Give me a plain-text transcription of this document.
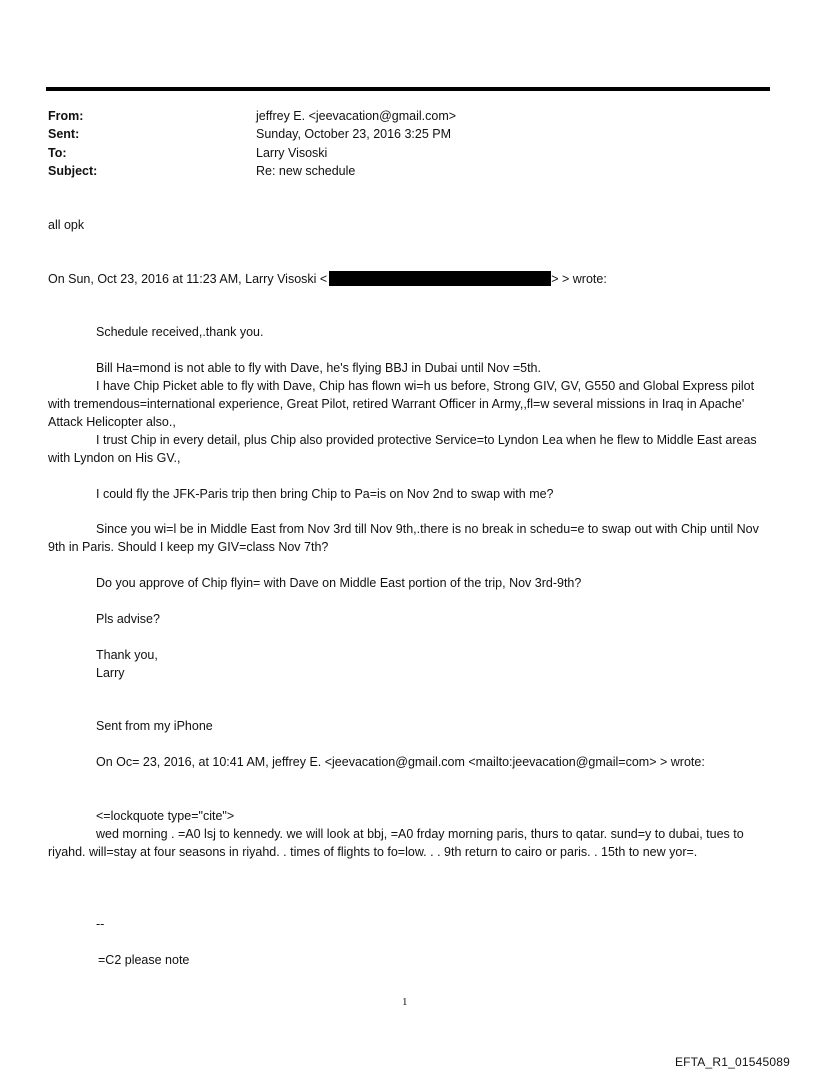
From:	jeffrey E. <jeevacation@gmail.com>
Sent:	Sunday, October 23, 2016 3:25 PM
To:	Larry Visoski
Subject:	Re: new schedule
all opk
On Sun, Oct 23, 2016 at 11:23 AM, Larry Visoski <	> > wrote:
Schedule received,.thank you.
Bill Ha=mond is not able to fly with Dave, he's flying BBJ in Dubai until Nov =5th.
I have Chip Picket able to fly with Dave, Chip has flown wi=h us before, Strong GIV, GV, G550 and Global Express pilot with tremendous=international experience, Great Pilot, retired Warrant Officer in Army,,fl=w several missions in Iraq in Apache' Attack Helicopter also.,
I trust Chip in every detail, plus Chip also provided protective Service=to Lyndon Lea when he flew to Middle East areas with Lyndon on His GV.,
I could fly the JFK-Paris trip then bring Chip to Pa=is on Nov 2nd to swap with me?
Since you wi=l be in Middle East from Nov 3rd till Nov 9th,.there is no break in schedu=e to swap out with Chip until Nov 9th in Paris. Should I keep my GIV=class Nov 7th?
Do you approve of Chip flyin= with Dave on Middle East portion of the trip, Nov 3rd-9th?
Pls advise?
Thank you,
Larry
Sent from my iPhone
On Oc= 23, 2016, at 10:41 AM, jeffrey E. <jeevacation@gmail.com <mailto:jeevacation@gmail=com> > wrote:
<=lockquote type="cite">
wed morning . =A0 lsj to kennedy. we will look at bbj, =A0 frday morning paris, thurs to qatar. sund=y to dubai, tues to riyahd. will=stay at four seasons in riyahd. . times of flights to fo=low. . . 9th return to cairo or paris. . 15th to new yor=.
--
=C2 please note
1
EFTA_R1_01545089
